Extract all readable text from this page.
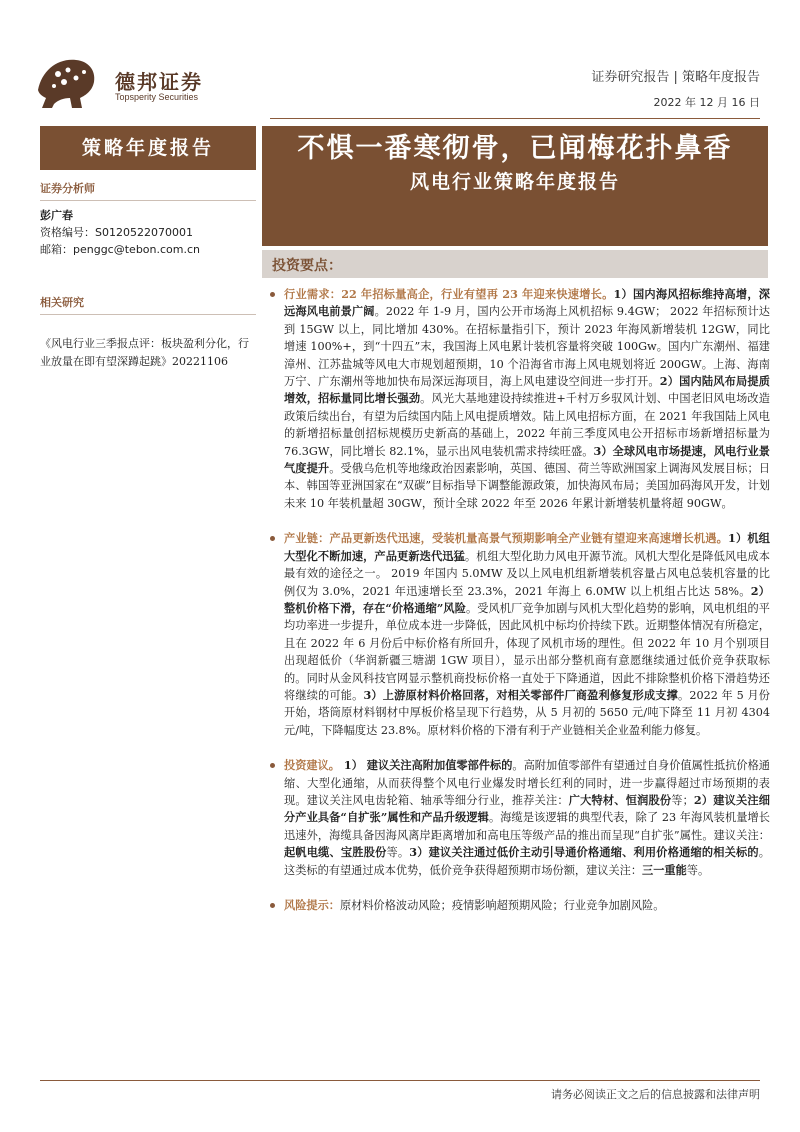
德邦证券
Topsperity Securities
证券研究报告 | 策略年度报告
2022 年 12 月 16 日
策略年度报告	不惧一番寒彻骨，已闻梅花扑鼻香
风电行业策略年度报告
投资要点：
证券分析师
彭广春
资格编号：S0120522070001
邮箱：penggc@tebon.com.cn
相关研究
《风电行业三季报点评：板块盈利分化，行业放量在即有望深蹲起跳》20221106
行业需求：22 年招标量高企，行业有望再 23 年迎来快速增长。1）国内海风招标维持高增，深远海风电前景广阔。2022 年 1-9 月，国内公开市场海上风机招标 9.4GW； 2022 年招标预计达到 15GW 以上，同比增加 430%。在招标量指引下，预计 2023 年海风新增装机 12GW，同比增速 100%+，到“十四五”末，我国海上风电累计装机容量将突破 100Gw。国内广东潮州、福建漳州、江苏盐城等风电大市规划超预期，10 个沿海省市海上风电规划将近 200GW。上海、海南万宁、广东潮州等地加快布局深远海项目，海上风电建设空间进一步打开。2）国内陆风布局提质增效，招标量同比增长强劲。风光大基地建设持续推进+千村万乡驭风计划、中国老旧风电场改造政策后续出台，有望为后续国内陆上风电提质增效。陆上风电招标方面，在 2021 年我国陆上风电的新增招标量创招标规模历史新高的基础上，2022 年前三季度风电公开招标市场新增招标量为 76.3GW，同比增长 82.1%，显示出风电装机需求持续旺盛。3）全球风电市场提速，风电行业景气度提升。受俄乌危机等地缘政治因素影响，英国、德国、荷兰等欧洲国家上调海风发展目标；日本、韩国等亚洲国家在“双碳”目标指导下调整能源政策，加快海风布局；美国加码海风开发，计划未来 10 年装机量超 30GW，预计全球 2022 年至 2026 年累计新增装机量将超 90GW。
产业链：产品更新迭代迅速，受装机量高景气预期影响全产业链有望迎来高速增长机遇。1）机组大型化不断加速，产品更新迭代迅猛。机组大型化助力风电开源节流。风机大型化是降低风电成本最有效的途径之一。 2019 年国内 5.0MW 及以上风电机组新增装机容量占风电总装机容量的比例仅为 3.0%，2021 年迅速增长至 23.3%，2021 年海上 6.0MW 以上机组占比达 58%。2）整机价格下滑，存在“价格通缩”风险。受风机厂竞争加剧与风机大型化趋势的影响，风电机组的平均功率进一步提升，单位成本进一步降低，因此风机中标均价持续下跌。近期整体情况有所稳定，且在 2022 年 6 月份后中标价格有所回升，体现了风机市场的理性。但 2022 年 10 月个别项目出现超低价（华润新疆三塘湖 1GW 项目），显示出部分整机商有意愿继续通过低价竞争获取标的。同时从金风科技官网显示整机商投标价格一直处于下降通道，因此不排除整机价格下滑趋势还将继续的可能。3）上游原材料价格回落，对相关零部件厂商盈利修复形成支撑。2022 年 5 月份开始，塔筒原材料钢材中厚板价格呈现下行趋势，从 5 月初的 5650 元/吨下降至 11 月初 4304 元/吨，下降幅度达 23.8%。原材料价格的下滑有利于产业链相关企业盈利能力修复。
投资建议。 1） 建议关注高附加值零部件标的。高附加值零部件有望通过自身价值属性抵抗价格通缩、大型化通缩，从而获得整个风电行业爆发时增长红利的同时，进一步赢得超过市场预期的表现。建议关注风电齿轮箱、轴承等细分行业，推荐关注：广大特材、恒润股份等；2）建议关注细分产业具备“自扩张”属性和产品升级逻辑。海缆是该逻辑的典型代表，除了 23 年海风装机量增长迅速外，海缆具备因海风离岸距离增加和高电压等级产品的推出而呈现“自扩张”属性。建议关注：起帆电缆、宝胜股份等。3）建议关注通过低价主动引导通价格通缩、利用价格通缩的相关标的。这类标的有望通过成本优势，低价竞争获得超预期市场份额，建议关注：三一重能等。
风险提示：原材料价格波动风险；疫情影响超预期风险；行业竞争加剧风险。
请务必阅读正文之后的信息披露和法律声明
